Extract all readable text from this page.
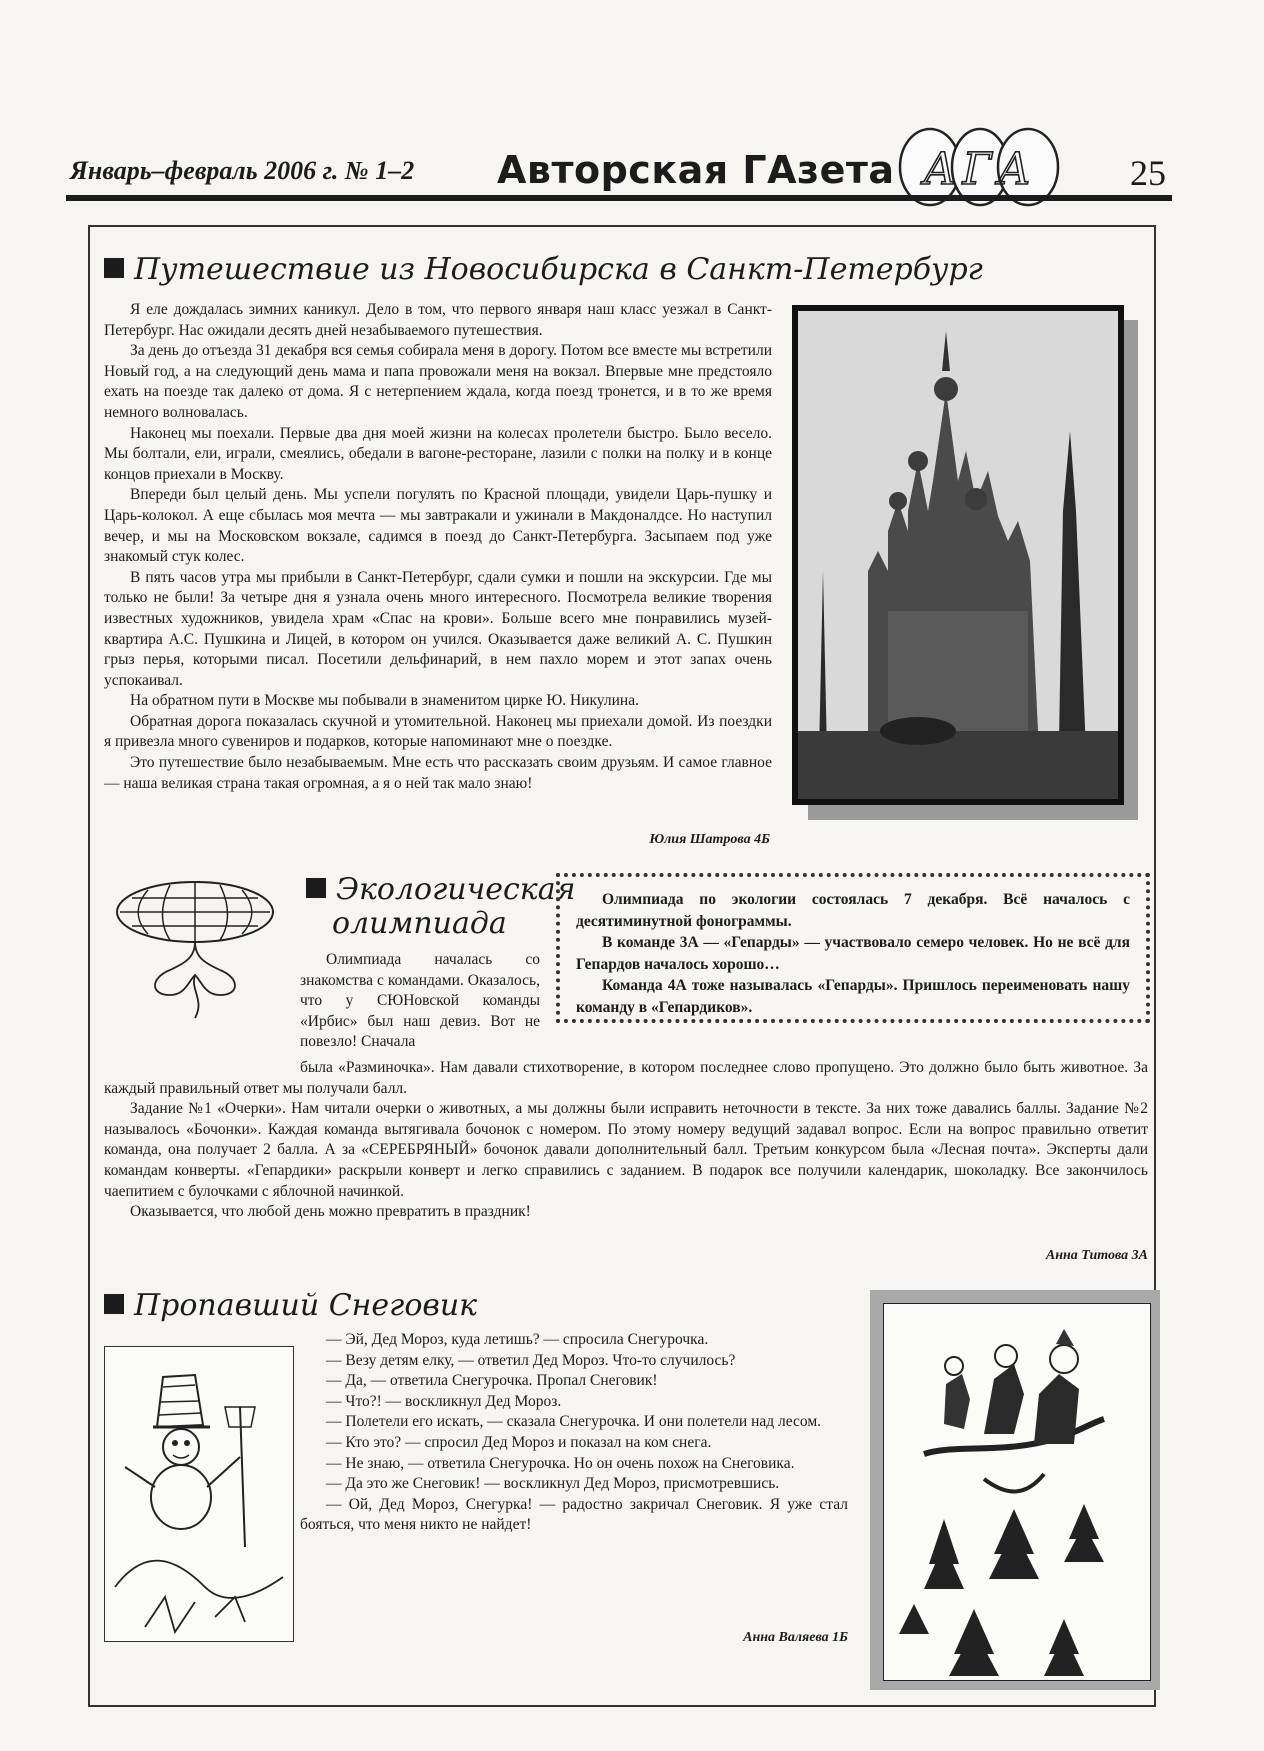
Январь–февраль 2006 г. № 1–2 Авторская ГАзета АГА	25
Путешествие из Новосибирска в Санкт-Петербург

Я еле дождалась зимних каникул. Дело в том, что первого января наш класс уезжал в Санкт-Петербург. Нас ожидали десять дней незабываемого путешествия.

За день до отъезда 31 декабря вся семья собирала меня в дорогу. Потом все вместе мы встретили Новый год, а на следующий день мама и папа провожали меня на вокзал. Впервые мне предстояло ехать на поезде так далеко от дома. Я с нетерпением ждала, когда поезд тронется, и в то же время немного волновалась.

Наконец мы поехали. Первые два дня моей жизни на колесах пролетели быстро. Было весело. Мы болтали, ели, играли, смеялись, обедали в вагоне-ресторане, лазили с полки на полку и в конце концов приехали в Москву.

Впереди был целый день. Мы успели погулять по Красной площади, увидели Царь-пушку и Царь-колокол. А еще сбылась моя мечта — мы завтракали и ужинали в Макдоналдсе. Но наступил вечер, и мы на Московском вокзале, садимся в поезд до Санкт-Петербурга. Засыпаем под уже знакомый стук колес.

В пять часов утра мы прибыли в Санкт-Петербург, сдали сумки и пошли на экскурсии. Где мы только не были! За четыре дня я узнала очень много интересного. Посмотрела великие творения известных художников, увидела храм «Спас на крови». Больше всего мне понравились музей-квартира А.С. Пушкина и Лицей, в котором он учился. Оказывается даже великий А. С. Пушкин грыз перья, которыми писал. Посетили дельфинарий, в нем пахло морем и этот запах очень успокаивал.

На обратном пути в Москве мы побывали в знаменитом цирке Ю. Никулина.

Обратная дорога показалась скучной и утомительной. Наконец мы приехали домой. Из поездки я привезла много сувениров и подарков, которые напоминают мне о поездке.

Это путешествие было незабываемым. Мне есть что рассказать своим друзьям. И самое главное — наша великая страна такая огромная, а я о ней так мало знаю!

Юлия Шатрова 4Б
Экологическая
олимпиада

Олимпиада по экологии состоялась 7 декабря. Всё началось с десятиминутной фонограммы.

В команде 3А — «Гепарды» — участвовало семеро человек. Но не всё для Гепардов началось хорошо…

Команда 4А тоже называлась «Гепарды». Пришлось переименовать нашу команду в «Гепардиков».

Олимпиада началась со знакомства с командами. Оказалось, что у СЮНовской команды «Ирбис» был наш девиз. Вот не повезло! Сначала

была «Разминочка». Нам давали стихотворение, в котором последнее слово пропущено. Это должно было быть животное. За каждый правильный ответ мы получали балл.

Задание №1 «Очерки». Нам читали очерки о животных, а мы должны были исправить неточности в тексте. За них тоже давались баллы. Задание №2 называлось «Бочонки». Каждая команда вытягивала бочонок с номером. По этому номеру ведущий задавал вопрос. Если на вопрос правильно ответит команда, она получает 2 балла. А за «СЕРЕБРЯНЫЙ» бочонок давали дополнительный балл. Третьим конкурсом была «Лесная почта». Эксперты дали командам конверты. «Гепардики» раскрыли конверт и легко справились с заданием. В подарок все получили календарик, шоколадку. Все закончилось чаепитием с булочками с яблочной начинкой.

Оказывается, что любой день можно превратить в праздник!

Анна Титова 3А
Пропавший Снеговик

— Эй, Дед Мороз, куда летишь? — спросила Снегурочка.

— Везу детям елку, — ответил Дед Мороз. Что-то случилось?

— Да, — ответила Снегурочка. Пропал Снеговик!

— Что?! — воскликнул Дед Мороз.

— Полетели его искать, — сказала Снегурочка. И они полетели над лесом.

— Кто это? — спросил Дед Мороз и показал на ком снега.

— Не знаю, — ответила Снегурочка. Но он очень похож на Снеговика.

— Да это же Снеговик! — воскликнул Дед Мороз, присмотревшись.

— Ой, Дед Мороз, Снегурка! — радостно закричал Снеговик. Я уже стал бояться, что меня никто не найдет!

Анна Валяева 1Б
